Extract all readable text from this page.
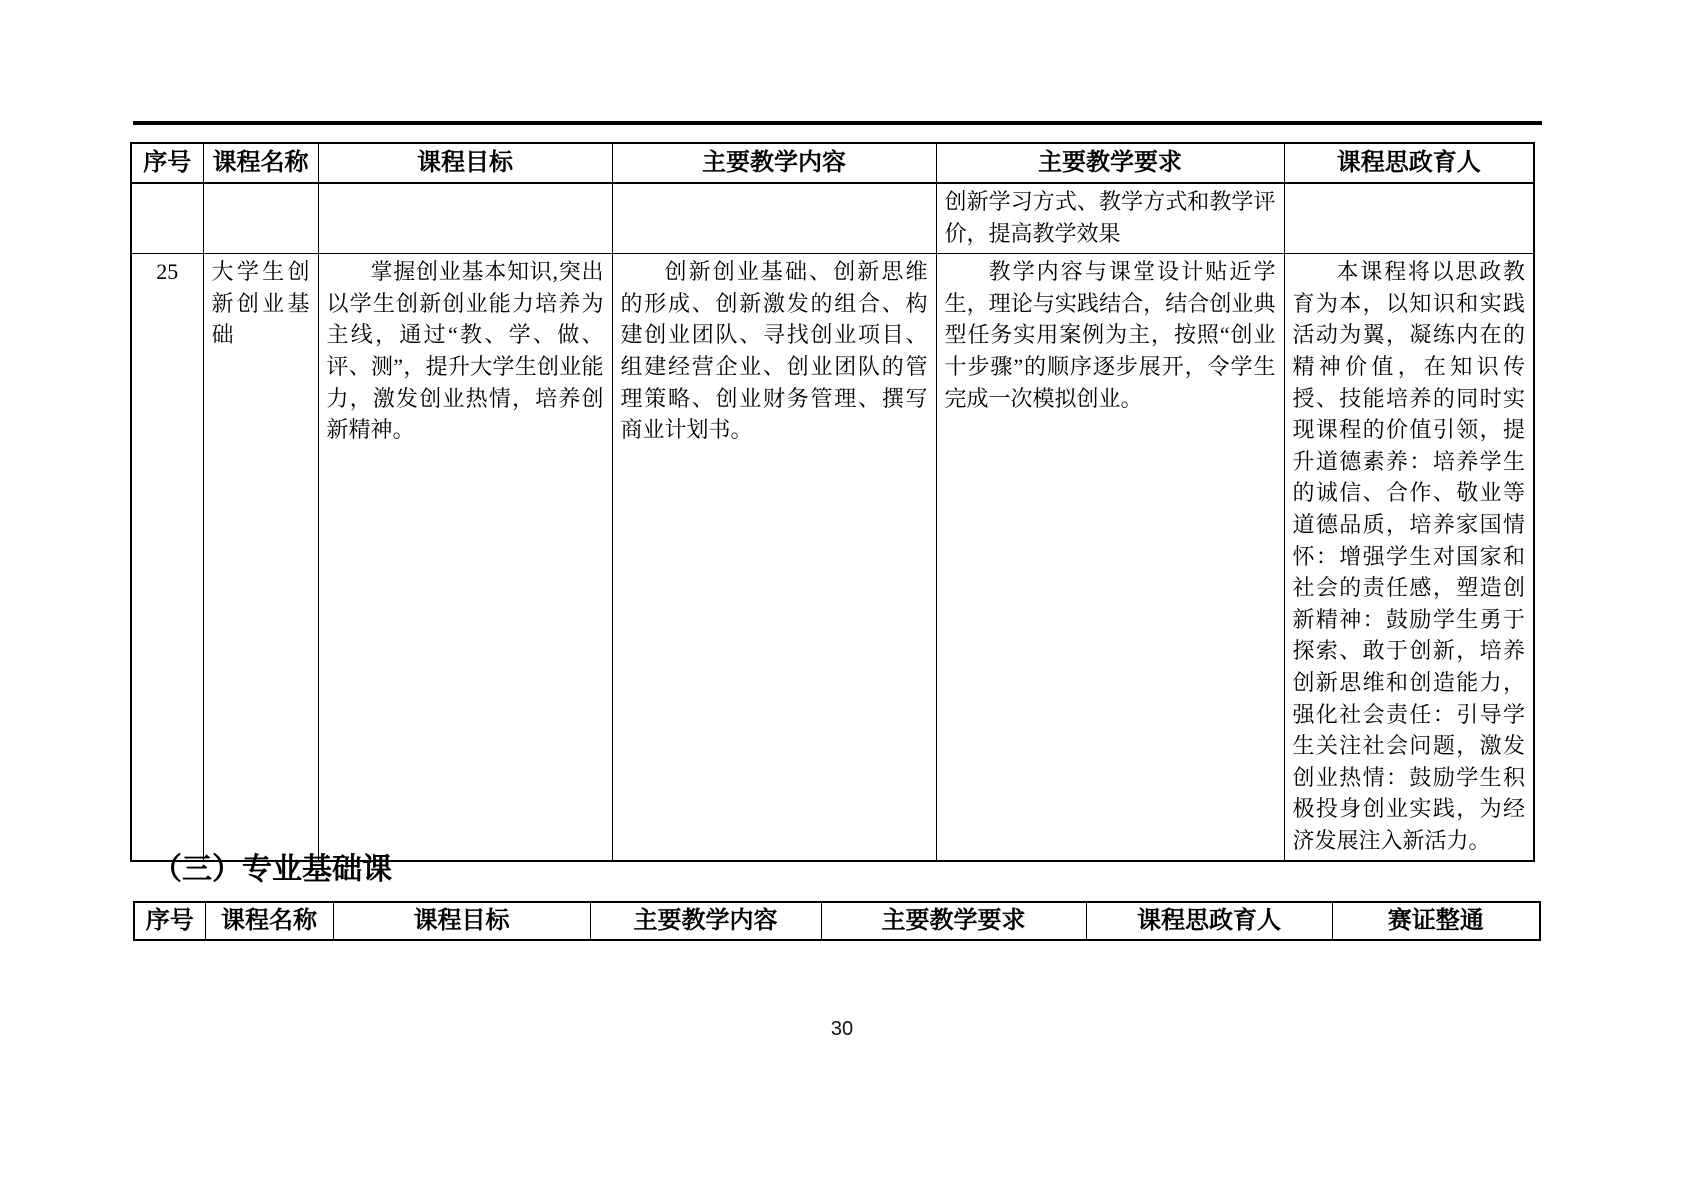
序号	课程名称	课程目标	主要教学内容	主要教学要求	课程思政育人
				创新学习方式、教学方式和教学评价，提高教学效果	
25	大学生创新创业基础	掌握创业基本知识,突出以学生创新创业能力培养为主线，通过“教、学、做、评、测”，提升大学生创业能力，激发创业热情，培养创新精神。	创新创业基础、创新思维的形成、创新激发的组合、构建创业团队、寻找创业项目、组建经营企业、创业团队的管理策略、创业财务管理、撰写商业计划书。	教学内容与课堂设计贴近学生，理论与实践结合，结合创业典型任务实用案例为主，按照“创业十步骤”的顺序逐步展开，令学生完成一次模拟创业。	本课程将以思政教育为本，以知识和实践活动为翼，凝练内在的精神价值，在知识传授、技能培养的同时实现课程的价值引领，提升道德素养：培养学生的诚信、合作、敬业等道德品质，培养家国情怀：增强学生对国家和社会的责任感，塑造创新精神：鼓励学生勇于探索、敢于创新，培养创新思维和创造能力，强化社会责任：引导学生关注社会问题，激发创业热情：鼓励学生积极投身创业实践，为经济发展注入新活力。
（三）专业基础课
序号	课程名称	课程目标	主要教学内容	主要教学要求	课程思政育人	赛证整通
30
